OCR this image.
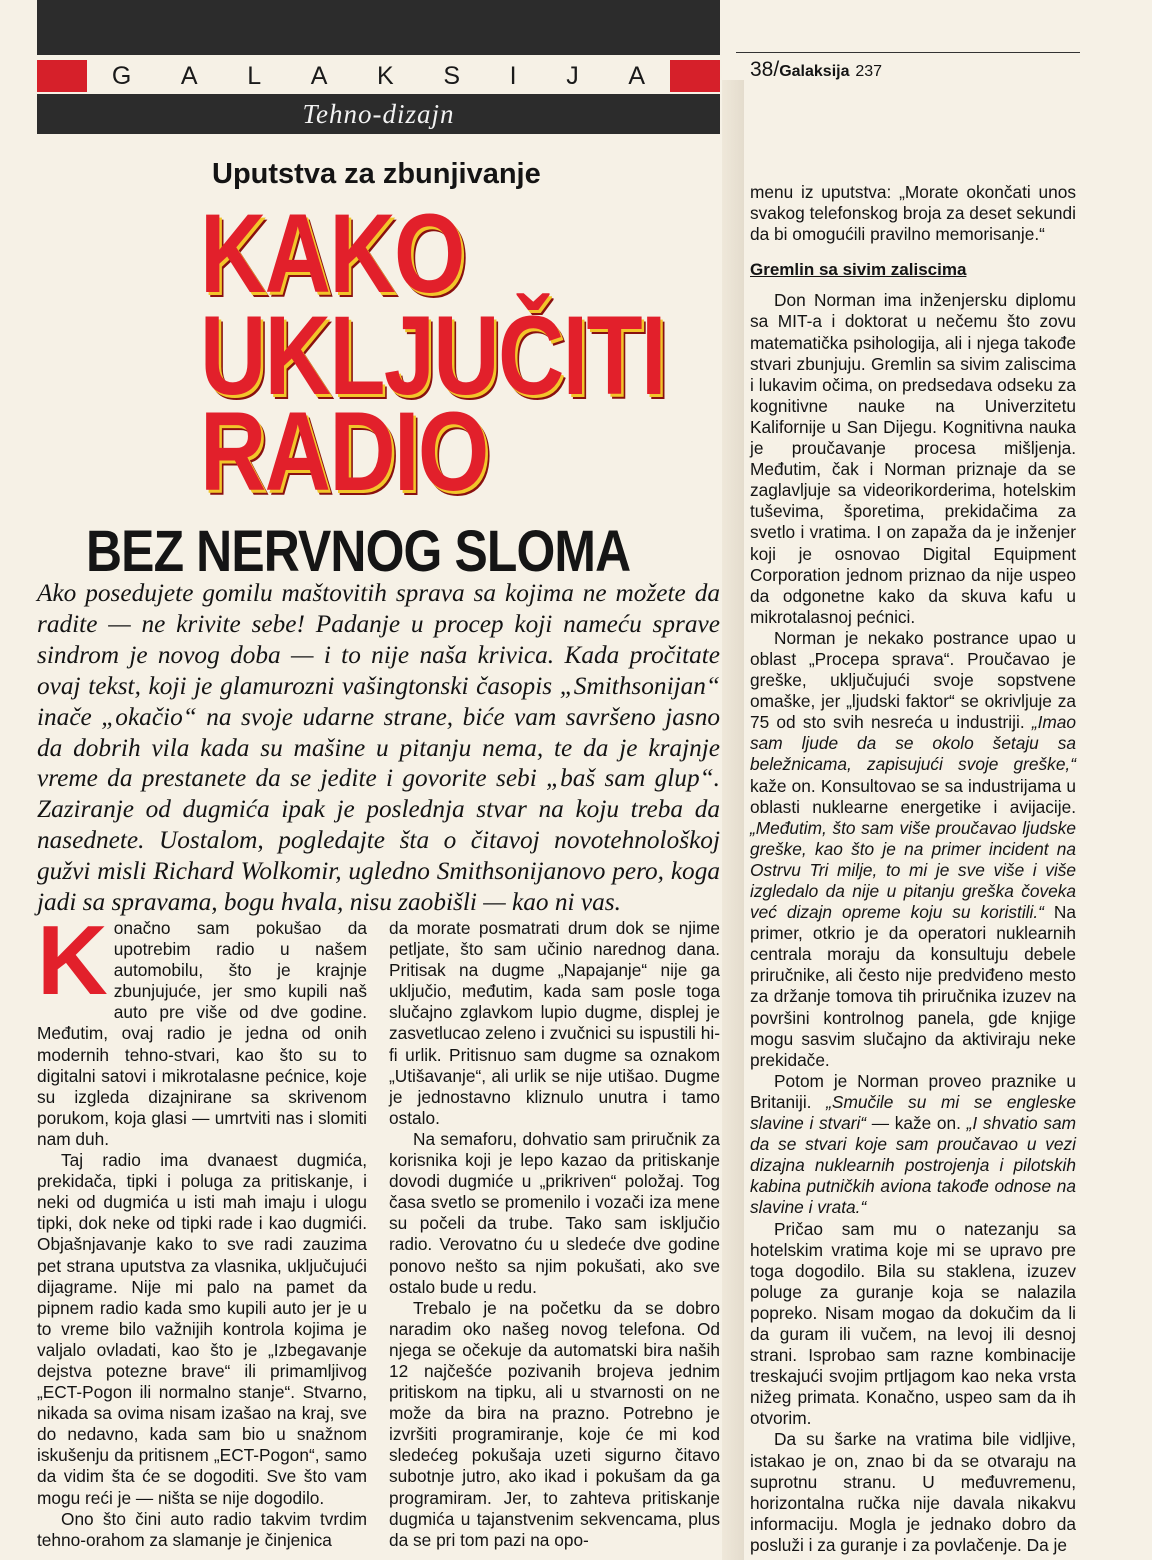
G A L A K S I J A
Tehno-dizajn
38/Galaksija 237
Uputstva za zbunjivanje
KAKO
UKLJUČITI
RADIO
BEZ NERVNOG SLOMA
Ako posedujete gomilu maštovitih sprava sa kojima ne možete da radite — ne krivite sebe! Padanje u procep koji nameću sprave sindrom je novog doba — i to nije naša krivica. Kada pročitate ovaj tekst, koji je glamurozni vašingtonski časopis „Smithsonijan“ inače „okačio“ na svoje udarne strane, biće vam savršeno jasno da dobrih vila kada su mašine u pitanju nema, te da je krajnje vreme da prestanete da se jedite i govorite sebi „baš sam glup“. Zaziranje od dugmića ipak je poslednja stvar na koju treba da nasednete. Uostalom, pogledajte šta o čitavoj novotehnološkoj gužvi misli Richard Wolkomir, ugledno Smithsonijanovo pero, koga jadi sa spravama, bogu hvala, nisu zaobišli — kao ni vas.

Konačno sam pokušao da upotrebim radio u našem automobilu, što je krajnje zbunjujuće, jer smo kupili naš auto pre više od dve godine. Međutim, ovaj radio je jedna od onih modernih tehno-stvari, kao što su to digitalni satovi i mikrotalasne pećnice, koje su izgleda dizajnirane sa skrivenom porukom, koja glasi — umrtviti nas i slomiti nam duh.

Taj radio ima dvanaest dugmića, prekidača, tipki i poluga za pritiskanje, i neki od dugmića u isti mah imaju i ulogu tipki, dok neke od tipki rade i kao dugmići. Objašnjavanje kako to sve radi zauzima pet strana uputstva za vlasnika, uključujući dijagrame. Nije mi palo na pamet da pipnem radio kada smo kupili auto jer je u to vreme bilo važnijih kontrola kojima je valjalo ovladati, kao što je „Izbegavanje dejstva potezne brave“ ili primamljivog „ECT-Pogon ili normalno stanje“. Stvarno, nikada sa ovima nisam izašao na kraj, sve do nedavno, kada sam bio u snažnom iskušenju da pritisnem „ECT-Pogon“, samo da vidim šta će se dogoditi. Sve što vam mogu reći je — ništa se nije dogodilo.

Ono što čini auto radio takvim tvrdim tehno-orahom za slamanje je činjenica

da morate posmatrati drum dok se njime petljate, što sam učinio narednog dana. Pritisak na dugme „Napajanje“ nije ga uključio, međutim, kada sam posle toga slučajno zglavkom lupio dugme, displej je zasvetlucao zeleno i zvučnici su ispustili hi-fi urlik. Pritisnuo sam dugme sa oznakom „Utišavanje“, ali urlik se nije utišao. Dugme je jednostavno kliznulo unutra i tamo ostalo.

Na semaforu, dohvatio sam priručnik za korisnika koji je lepo kazao da pritiskanje dovodi dugmiće u „prikriven“ položaj. Tog časa svetlo se promenilo i vozači iza mene su počeli da trube. Tako sam isključio radio. Verovatno ću u sledeće dve godine ponovo nešto sa njim pokušati, ako sve ostalo bude u redu.

Trebalo je na početku da se dobro naradim oko našeg novog telefona. Od njega se očekuje da automatski bira naših 12 najčešće pozivanih brojeva jednim pritiskom na tipku, ali u stvarnosti on ne može da bira na prazno. Potrebno je izvršiti programiranje, koje će mi kod sledećeg pokušaja uzeti sigurno čitavo subotnje jutro, ako ikad i pokušam da ga programiram. Jer, to zahteva pritiskanje dugmića u tajanstvenim sekvencama, plus da se pri tom pazi na opo-

menu iz uputstva: „Morate okončati unos svakog telefonskog broja za deset sekundi da bi omogućili pravilno memorisanje.“

Gremlin sa sivim zaliscima

Don Norman ima inženjersku diplomu sa MIT-a i doktorat u nečemu što zovu matematička psihologija, ali i njega takođe stvari zbunjuju. Gremlin sa sivim zaliscima i lukavim očima, on predsedava odseku za kognitivne nauke na Univerzitetu Kalifornije u San Dijegu. Kognitivna nauka je proučavanje procesa mišljenja. Međutim, čak i Norman priznaje da se zaglavljuje sa videorikorderima, hotelskim tuševima, šporetima, prekidačima za svetlo i vratima. I on zapaža da je inženjer koji je osnovao Digital Equipment Corporation jednom priznao da nije uspeo da odgonetne kako da skuva kafu u mikrotalasnoj pećnici.

Norman je nekako postrance upao u oblast „Procepa sprava“. Proučavao je greške, uključujući svoje sopstvene omaške, jer „ljudski faktor“ se okrivljuje za 75 od sto svih nesreća u industriji. „Imao sam ljude da se okolo šetaju sa beležnicama, zapisujući svoje greške,“ kaže on. Konsultovao se sa industrijama u oblasti nuklearne energetike i avijacije. „Međutim, što sam više proučavao ljudske greške, kao što je na primer incident na Ostrvu Tri milje, to mi je sve više i više izgledalo da nije u pitanju greška čoveka već dizajn opreme koju su koristili.“ Na primer, otkrio je da operatori nuklearnih centrala moraju da konsultuju debele priručnike, ali često nije predviđeno mesto za držanje tomova tih priručnika izuzev na površini kontrolnog panela, gde knjige mogu sasvim slučajno da aktiviraju neke prekidače.

Potom je Norman proveo praznike u Britaniji. „Smučile su mi se engleske slavine i stvari“ — kaže on. „I shvatio sam da se stvari koje sam proučavao u vezi dizajna nuklearnih postrojenja i pilotskih kabina putničkih aviona takođe odnose na slavine i vrata.“

Pričao sam mu o natezanju sa hotelskim vratima koje mi se upravo pre toga dogodilo. Bila su staklena, izuzev poluge za guranje koja se nalazila popreko. Nisam mogao da dokučim da li da guram ili vučem, na levoj ili desnoj strani. Isprobao sam razne kombinacije treskajući svojim prtljagom kao neka vrsta nižeg primata. Konačno, uspeo sam da ih otvorim.

Da su šarke na vratima bile vidljive, istakao je on, znao bi da se otvaraju na suprotnu stranu. U međuvremenu, horizontalna ručka nije davala nikakvu informaciju. Mogla je jednako dobro da posluži i za guranje i za povlačenje. Da je
